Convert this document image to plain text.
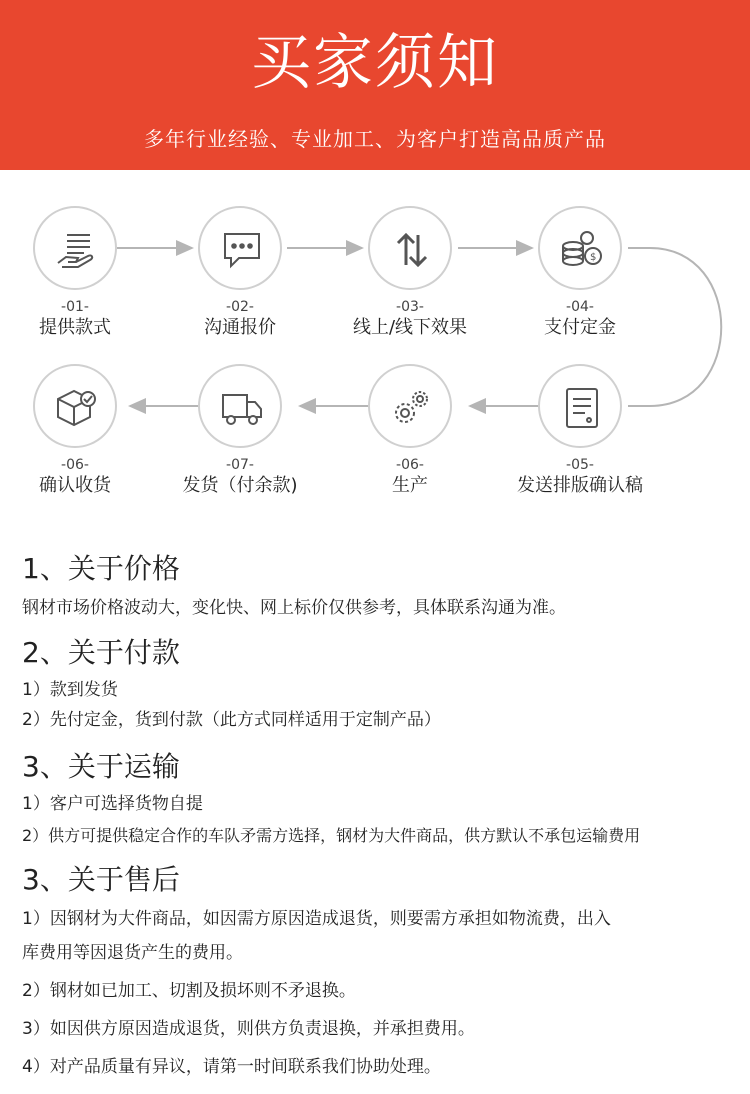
买家须知
多年行业经验、专业加工、为客户打造高品质产品
-01-
提供款式
-02-
沟通报价
-03-
线上/线下效果
$
-04-
支付定金
-05-
发送排版确认稿
-06-
生产
-07-
发货（付余款)
-06-
确认收货
1、关于价格
钢材市场价格波动大，变化快、网上标价仅供参考，具体联系沟通为准。
2、关于付款
1）款到发货
2）先付定金，货到付款（此方式同样适用于定制产品）
3、关于运输
1）客户可选择货物自提
2）供方可提供稳定合作的车队矛需方选择，钢材为大件商品，供方默认不承包运输费用
3、关于售后
1）因钢材为大件商品，如因需方原因造成退货，则要需方承担如物流费，出入
库费用等因退货产生的费用。
2）钢材如已加工、切割及损坏则不矛退换。
3）如因供方原因造成退货，则供方负责退换，并承担费用。
4）对产品质量有异议，请第一时间联系我们协助处理。
